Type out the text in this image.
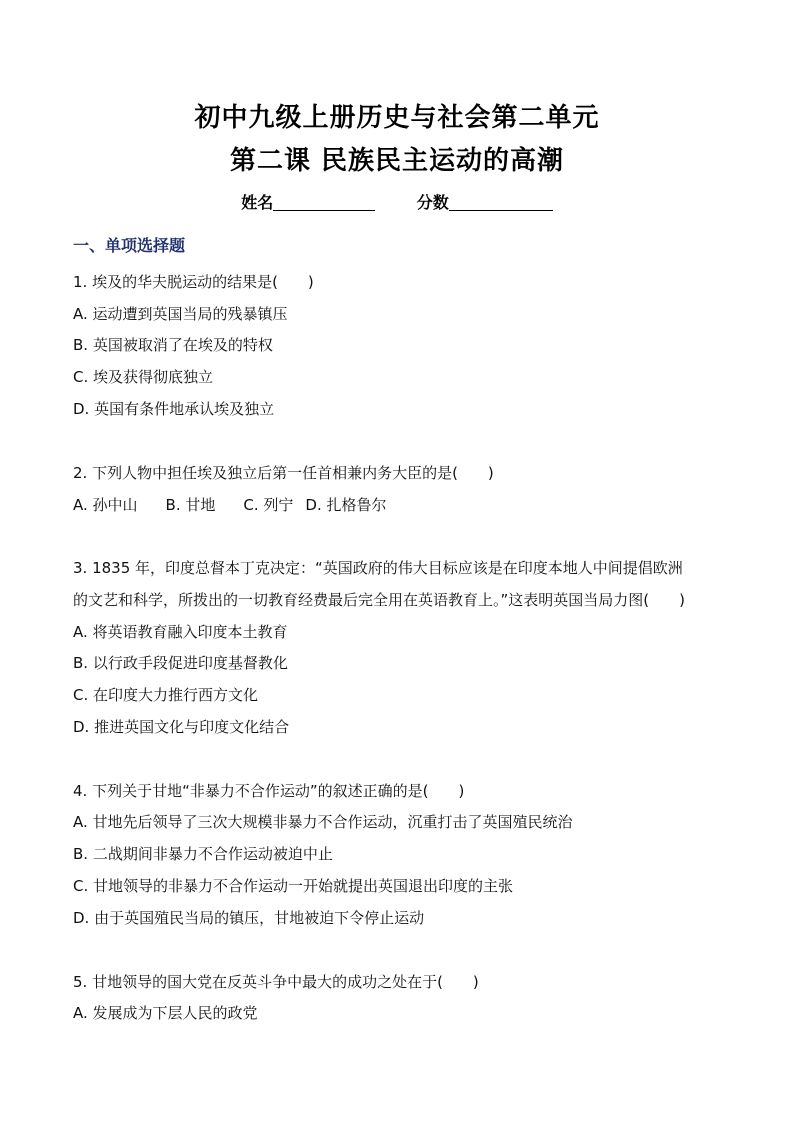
初中九级上册历史与社会第二单元
第二课 民族民主运动的高潮
姓名	分数
一、单项选择题
1. 埃及的华夫脱运动的结果是(　　)
A. 运动遭到英国当局的残暴镇压
B. 英国被取消了在埃及的特权
C. 埃及获得彻底独立
D. 英国有条件地承认埃及独立
2. 下列人物中担任埃及独立后第一任首相兼内务大臣的是(　　)
A. 孙中山 B. 甘地 C. 列宁 D. 扎格鲁尔
3. 1835 年，印度总督本丁克决定：“英国政府的伟大目标应该是在印度本地人中间提倡欧洲
的文艺和科学，所拨出的一切教育经费最后完全用在英语教育上。”这表明英国当局力图(　　)
A. 将英语教育融入印度本土教育
B. 以行政手段促进印度基督教化
C. 在印度大力推行西方文化
D. 推进英国文化与印度文化结合
4. 下列关于甘地“非暴力不合作运动”的叙述正确的是(　　)
A. 甘地先后领导了三次大规模非暴力不合作运动，沉重打击了英国殖民统治
B. 二战期间非暴力不合作运动被迫中止
C. 甘地领导的非暴力不合作运动一开始就提出英国退出印度的主张
D. 由于英国殖民当局的镇压，甘地被迫下令停止运动
5. 甘地领导的国大党在反英斗争中最大的成功之处在于(　　)
A. 发展成为下层人民的政党
